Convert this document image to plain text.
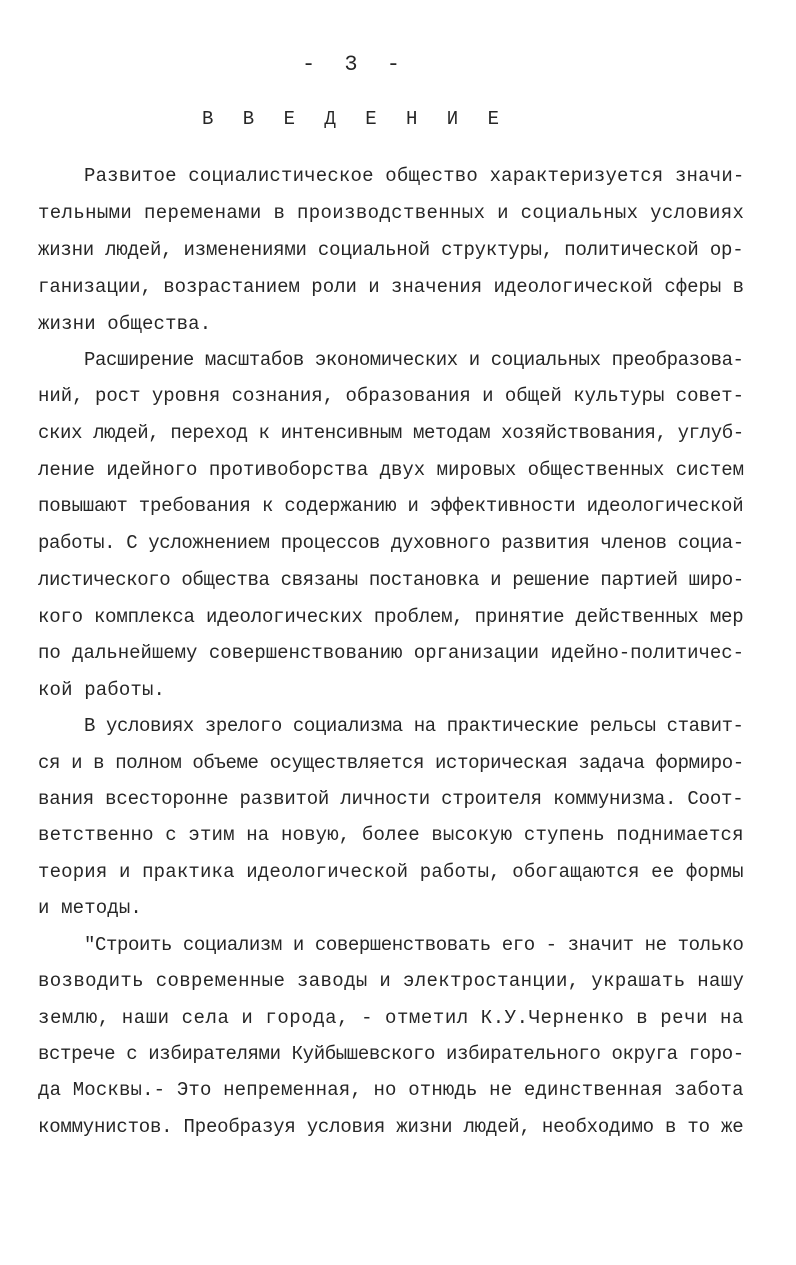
- 3 -
В В Е Д Е Н И Е
Развитое социалистическое общество характеризуется значи-
тельными переменами в производственных и социальных условиях
жизни людей, изменениями социальной структуры, политической ор-
ганизации, возрастанием роли и значения идеологической сферы в
жизни общества.
Расширение масштабов экономических и социальных преобразова-
ний, рост уровня сознания, образования и общей культуры совет-
ских людей, переход к интенсивным методам хозяйствования, углуб-
ление идейного противоборства двух мировых общественных систем
повышают требования к содержанию и эффективности идеологической
работы. С усложнением процессов духовного развития членов социа-
листического общества связаны постановка и решение партией широ-
кого комплекса идеологических проблем, принятие действенных мер
по дальнейшему совершенствованию организации идейно-политичес-
кой работы.
В условиях зрелого социализма на практические рельсы ставит-
ся и в полном объеме осуществляется историческая задача формиро-
вания всесторонне развитой личности строителя коммунизма. Соот-
ветственно с этим на новую, более высокую ступень поднимается
теория и практика идеологической работы, обогащаются ее формы
и методы.
"Строить социализм и совершенствовать его - значит не только
возводить современные заводы и электростанции, украшать нашу
землю, наши села и города, - отметил К.У.Черненко в речи на
встрече с избирателями Куйбышевского избирательного округа горо-
да Москвы.- Это непременная, но отнюдь не единственная забота
коммунистов. Преобразуя условия жизни людей, необходимо в то же
